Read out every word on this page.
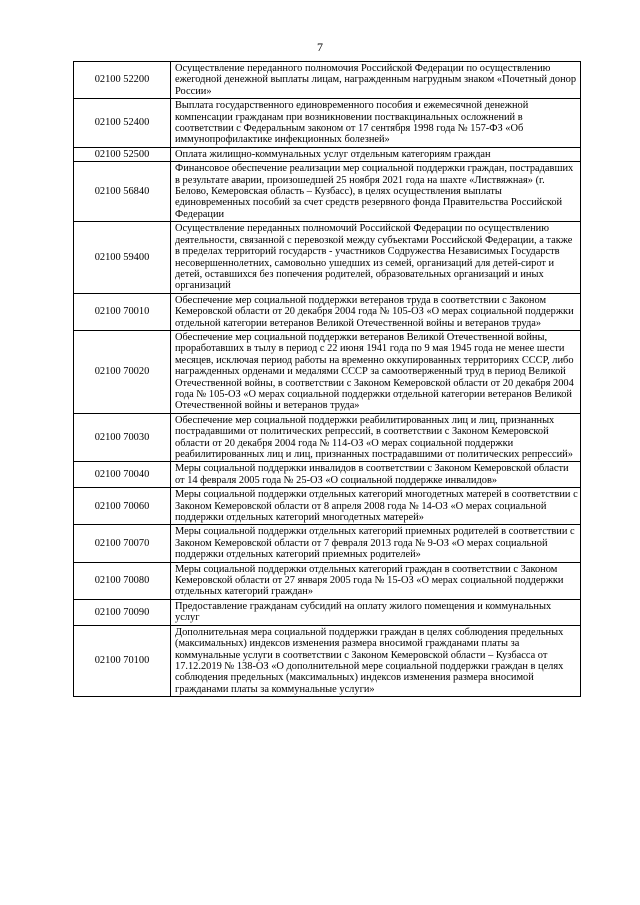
7
02100 52200	Осуществление переданного полномочия Российской Федерации по осуществлению ежегодной денежной выплаты лицам, награжденным нагрудным знаком «Почетный донор России»
02100 52400	Выплата государственного единовременного пособия и ежемесячной денежной компенсации гражданам при возникновении поствакцинальных осложнений в соответствии с Федеральным законом от 17 сентября 1998 года № 157-ФЗ «Об иммунопрофилактике инфекционных болезней»
02100 52500	Оплата жилищно-коммунальных услуг отдельным категориям граждан
02100 56840	Финансовое обеспечение реализации мер социальной поддержки граждан, пострадавших в результате аварии, произошедшей 25 ноября 2021 года на шахте «Листвяжная» (г. Белово, Кемеровская область – Кузбасс), в целях осуществления выплаты единовременных пособий за счет средств резервного фонда Правительства Российской Федерации
02100 59400	Осуществление переданных полномочий Российской Федерации по осуществлению деятельности, связанной с перевозкой между субъектами Российской Федерации, а также в пределах территорий государств - участников Содружества Независимых Государств несовершеннолетних, самовольно ушедших из семей, организаций для детей-сирот и детей, оставшихся без попечения родителей, образовательных организаций и иных организаций
02100 70010	Обеспечение мер социальной поддержки ветеранов труда в соответствии с Законом Кемеровской области от 20 декабря 2004 года № 105-ОЗ «О мерах социальной поддержки отдельной категории ветеранов Великой Отечественной войны и ветеранов труда»
02100 70020	Обеспечение мер социальной поддержки ветеранов Великой Отечественной войны, проработавших в тылу в период с 22 июня 1941 года по 9 мая 1945 года не менее шести месяцев, исключая период работы на временно оккупированных территориях СССР, либо награжденных орденами и медалями СССР за самоотверженный труд в период Великой Отечественной войны, в соответствии с Законом Кемеровской области от 20 декабря 2004 года № 105-ОЗ «О мерах социальной поддержки отдельной категории ветеранов Великой Отечественной войны и ветеранов труда»
02100 70030	Обеспечение мер социальной поддержки реабилитированных лиц и лиц, признанных пострадавшими от политических репрессий, в соответствии с Законом Кемеровской области от 20 декабря 2004 года № 114-ОЗ «О мерах социальной поддержки реабилитированных лиц и лиц, признанных пострадавшими от политических репрессий»
02100 70040	Меры социальной поддержки инвалидов в соответствии с Законом Кемеровской области от 14 февраля 2005 года № 25-ОЗ «О социальной поддержке инвалидов»
02100 70060	Меры социальной поддержки отдельных категорий многодетных матерей в соответствии с Законом Кемеровской области от 8 апреля 2008 года № 14-ОЗ «О мерах социальной поддержки отдельных категорий многодетных матерей»
02100 70070	Меры социальной поддержки отдельных категорий приемных родителей в соответствии с Законом Кемеровской области от 7 февраля 2013 года № 9-ОЗ «О мерах социальной поддержки отдельных категорий приемных родителей»
02100 70080	Меры социальной поддержки отдельных категорий граждан в соответствии с Законом Кемеровской области от 27 января 2005 года № 15-ОЗ «О мерах социальной поддержки отдельных категорий граждан»
02100 70090	Предоставление гражданам субсидий на оплату жилого помещения и коммунальных услуг
02100 70100	Дополнительная мера социальной поддержки граждан в целях соблюдения предельных (максимальных) индексов изменения размера вносимой гражданами платы за коммунальные услуги в соответствии с Законом Кемеровской области – Кузбасса от 17.12.2019 № 138-ОЗ «О дополнительной мере социальной поддержки граждан в целях соблюдения предельных (максимальных) индексов изменения размера вносимой гражданами платы за коммунальные услуги»
